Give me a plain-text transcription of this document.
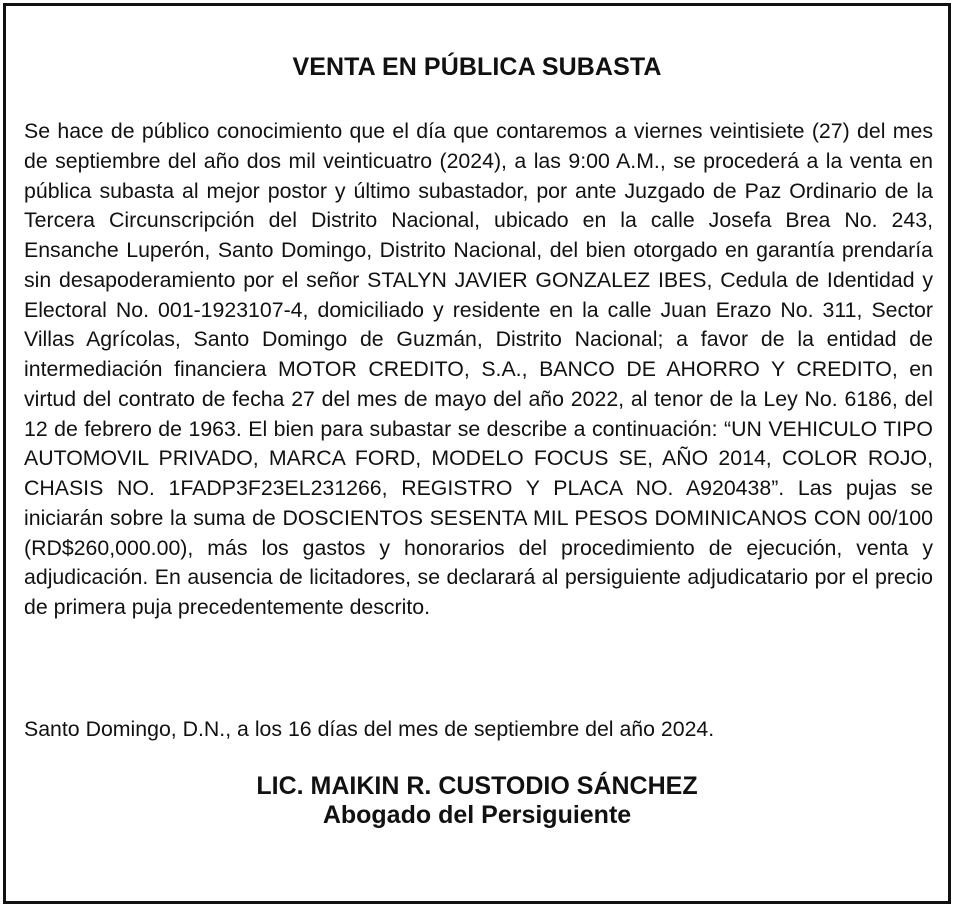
VENTA EN PÚBLICA SUBASTA

Se hace de público conocimiento que el día que contaremos a viernes veintisiete (27) del mes de septiembre del año dos mil veinticuatro (2024), a las 9:00 A.M., se procederá a la venta en pública subasta al mejor postor y último subastador, por ante Juzgado de Paz Ordinario de la Tercera Circunscripción del Distrito Nacional, ubicado en la calle Josefa Brea No. 243, Ensanche Luperón, Santo Domingo, Distrito Nacional, del bien otorgado en garantía prendaría sin desapoderamiento por el señor STALYN JAVIER GONZALEZ IBES, Cedula de Identidad y Electoral No. 001-1923107-4, domiciliado y residente en la calle Juan Erazo No. 311, Sector Villas Agrícolas, Santo Domingo de Guzmán, Distrito Nacional; a favor de la entidad de intermediación financiera MOTOR CREDITO, S.A., BANCO DE AHORRO Y CREDITO, en virtud del contrato de fecha 27 del mes de mayo del año 2022, al tenor de la Ley No. 6186, del 12 de febrero de 1963. El bien para subastar se describe a continuación: “UN VEHICULO TIPO AUTOMOVIL PRIVADO, MARCA FORD, MODELO FOCUS SE, AÑO 2014, COLOR ROJO, CHASIS NO. 1FADP3F23EL231266, REGISTRO Y PLACA NO. A920438”. Las pujas se iniciarán sobre la suma de DOSCIENTOS SESENTA MIL PESOS DOMINICANOS CON 00/100 (RD$260,000.00), más los gastos y honorarios del procedimiento de ejecución, venta y adjudicación. En ausencia de licitadores, se declarará al persiguiente adjudicatario por el precio de primera puja precedentemente descrito.

Santo Domingo, D.N., a los 16 días del mes de septiembre del año 2024.

LIC. MAIKIN R. CUSTODIO SÁNCHEZ
Abogado del Persiguiente
